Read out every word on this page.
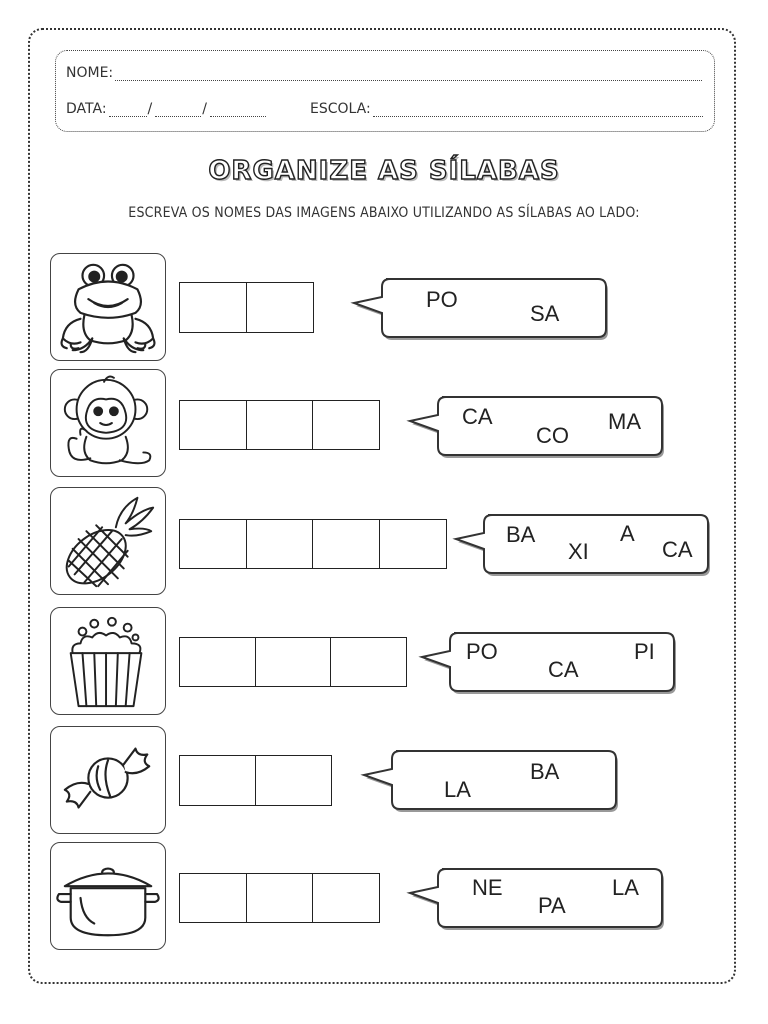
NOME:
DATA:	/	/	ESCOLA:
ORGANIZE AS SÍLABAS
ESCREVA OS NOMES DAS IMAGENS ABAIXO UTILIZANDO AS SÍLABAS AO LADO:
PO
SA
CA
CO
MA
BA
XI
A
CA
PO
CA
PI
LA
BA
NE
PA
LA
